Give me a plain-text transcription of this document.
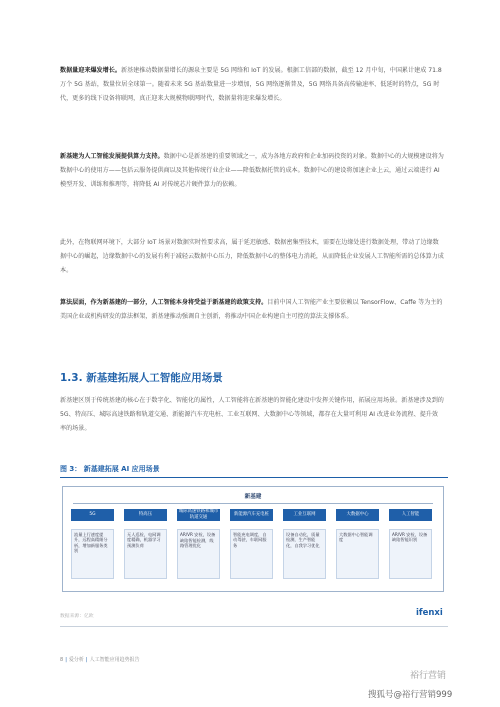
数据量迎来爆发增长。新基建推动数据量增长的源泉主要是 5G 网络和 IoT 的发展。根据工信部的数据，截至 12 月中旬，中国累计建成 71.8 万个 5G 基站，数量位居全球第一。随着未来 5G 基站数量进一步增加，5G 网络逐渐普及，5G 网络具备高传输速率、低延时的特点，5G 时代，更多的线下设备将联网，真正迎来大规模物联网时代，数据量将迎来爆发增长。
新基建为人工智能发展提供算力支持。数据中心是新基建的重要领域之一，成为各地方政府和企业加码投资的对象。数据中心的大规模建设将为数据中心的使用方——包括云服务提供商以及其他传统行业企业——降低数据托管的成本。数据中心的建设将加速企业上云，通过云端进行 AI 模型开发、训练和推理等，将降低 AI 对传统芯片硬件算力的依赖。
此外，在物联网环境下，大部分 IoT 场景对数据实时性要求高，属于延迟敏感、数据密集型技术，需要在边缘处进行数据处理，带动了边缘数据中心的崛起，边缘数据中心的发展有利于减轻云数据中心压力，降低数据中心的整体电力消耗，从而降低企业发展人工智能所需的总体算力成本。
算法层面，作为新基建的一部分，人工智能本身将受益于新基建的政策支持。目前中国人工智能产业主要依赖以 TensorFlow、Caffe 等为主的美国企业或机构研发的算法框架，新基建推动强调自主创新，将推动中国企业构建自主可控的算法支撑体系。
1.3. 新基建拓展人工智能应用场景
新基建区别于传统基建的核心在于数字化、智能化的属性，人工智能将在新基建的智能化建设中发挥关键作用，拓展应用场景。新基建涉及到的 5G、特高压、城际高速铁路和轨道交通、新能源汽车充电桩、工业互联网、大数据中心等领域，都存在大量可利用 AI 改进业务流程、提升效率的场景。
图 3： 新基建拓展 AI 应用场景
新基建
5G
流量上行速度提升，远程高精细分析，增加新服务类别
特高压
无人巡检，电网调度精确，机器学习预测负荷
城际高速铁路和城市轨道交通
AR/VR 安检，设备缺陷智能检测，线路管理优化
新能源汽车充电桩
智能充电调度，自动驾驶，车联网服务
工业互联网
设备自动化，质量检测，生产智能化，自我学习优化
大数据中心
大数据中心智能调度
人工智能
AR/VR 安检，设备缺陷智能识别
数据来源：亿欧	ifenxi
8 | 爱分析 | 人工智能应用趋势报告
裕行营销
搜狐号@裕行营销999
